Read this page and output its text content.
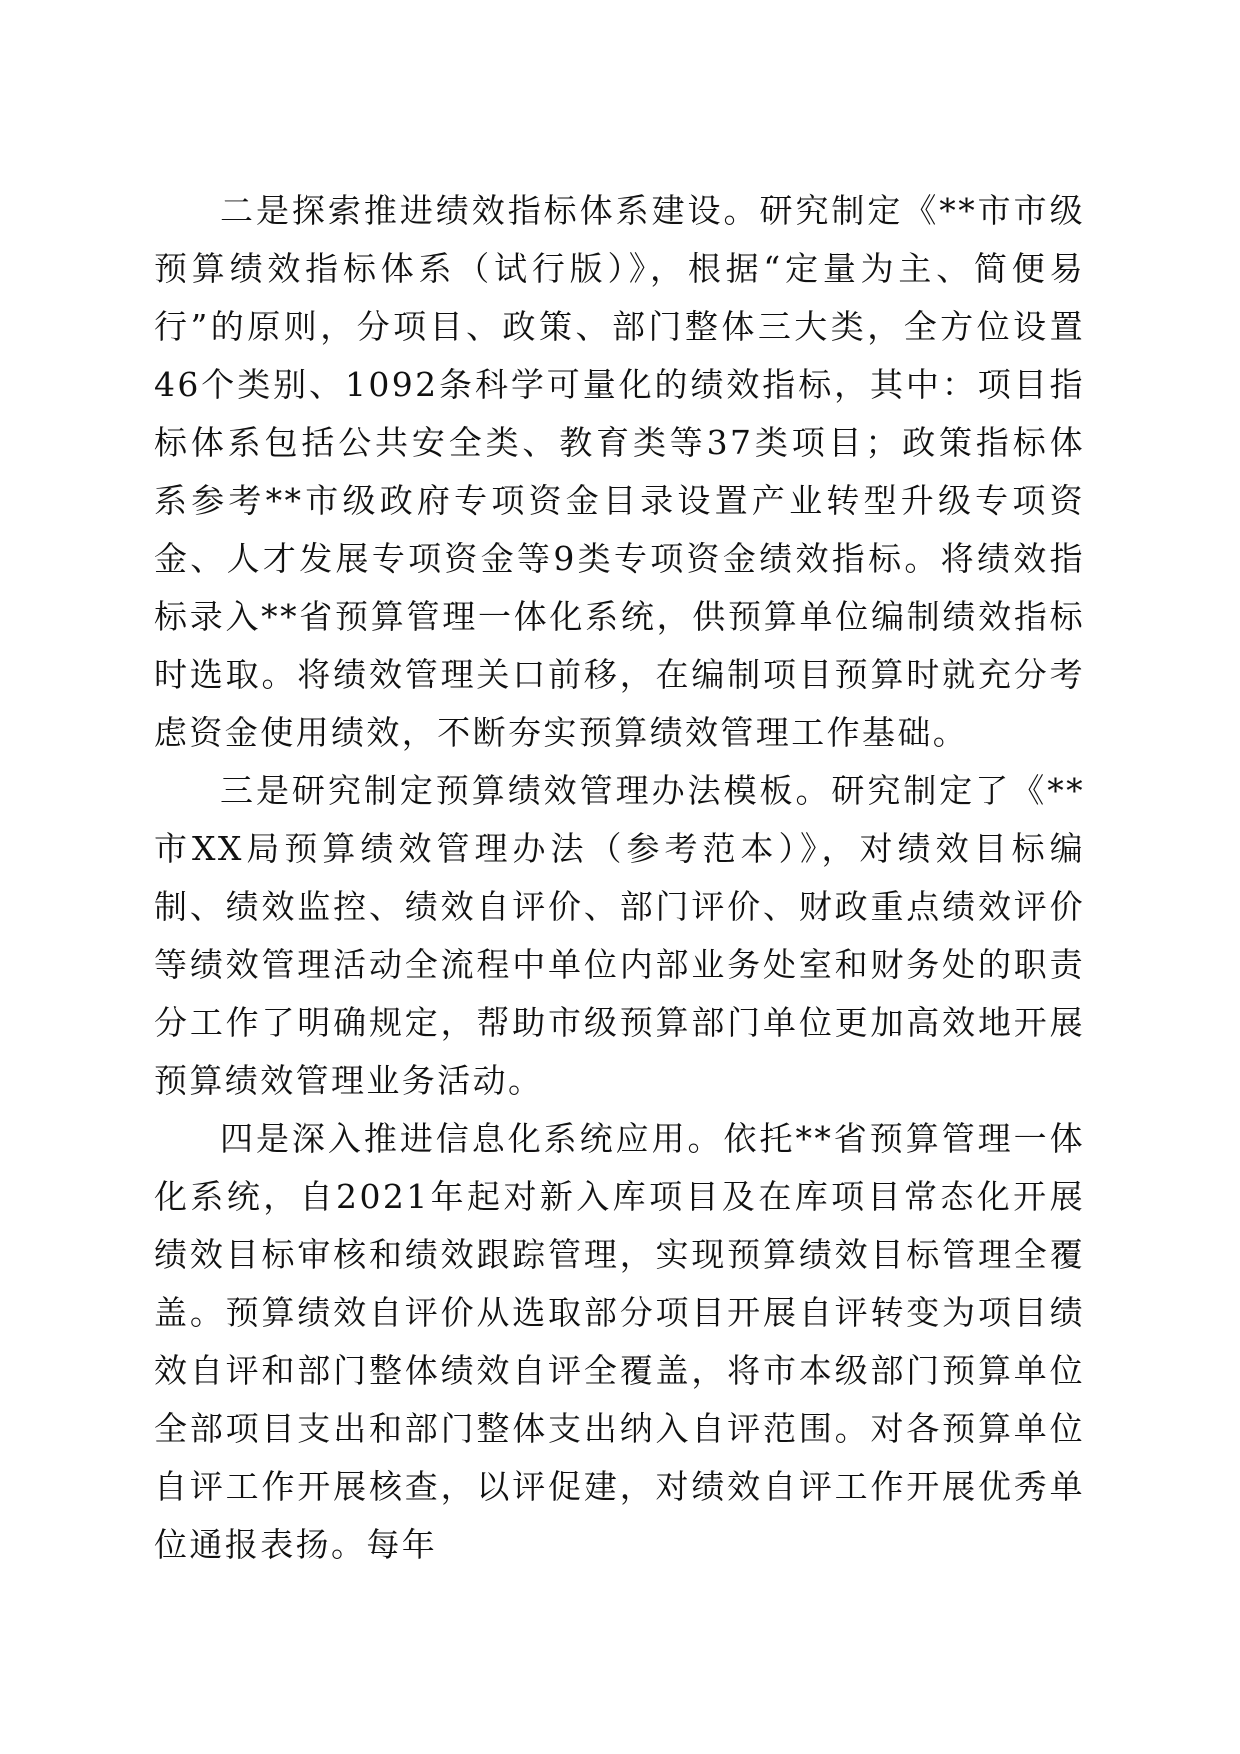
二是探索推进绩效指标体系建设。研究制定《**市市级预算绩效指标体系（试行版）》，根据“定量为主、简便易行”的原则，分项目、政策、部门整体三大类，全方位设置46个类别、1092条科学可量化的绩效指标，其中：项目指标体系包括公共安全类、教育类等37类项目；政策指标体系参考**市级政府专项资金目录设置产业转型升级专项资金、人才发展专项资金等9类专项资金绩效指标。将绩效指标录入**省预算管理一体化系统，供预算单位编制绩效指标时选取。将绩效管理关口前移，在编制项目预算时就充分考虑资金使用绩效，不断夯实预算绩效管理工作基础。

三是研究制定预算绩效管理办法模板。研究制定了《**市XX局预算绩效管理办法（参考范本）》，对绩效目标编制、绩效监控、绩效自评价、部门评价、财政重点绩效评价等绩效管理活动全流程中单位内部业务处室和财务处的职责分工作了明确规定，帮助市级预算部门单位更加高效地开展预算绩效管理业务活动。

四是深入推进信息化系统应用。依托**省预算管理一体化系统，自2021年起对新入库项目及在库项目常态化开展绩效目标审核和绩效跟踪管理，实现预算绩效目标管理全覆盖。预算绩效自评价从选取部分项目开展自评转变为项目绩效自评和部门整体绩效自评全覆盖，将市本级部门预算单位全部项目支出和部门整体支出纳入自评范围。对各预算单位自评工作开展核查，以评促建，对绩效自评工作开展优秀单位通报表扬。每年
